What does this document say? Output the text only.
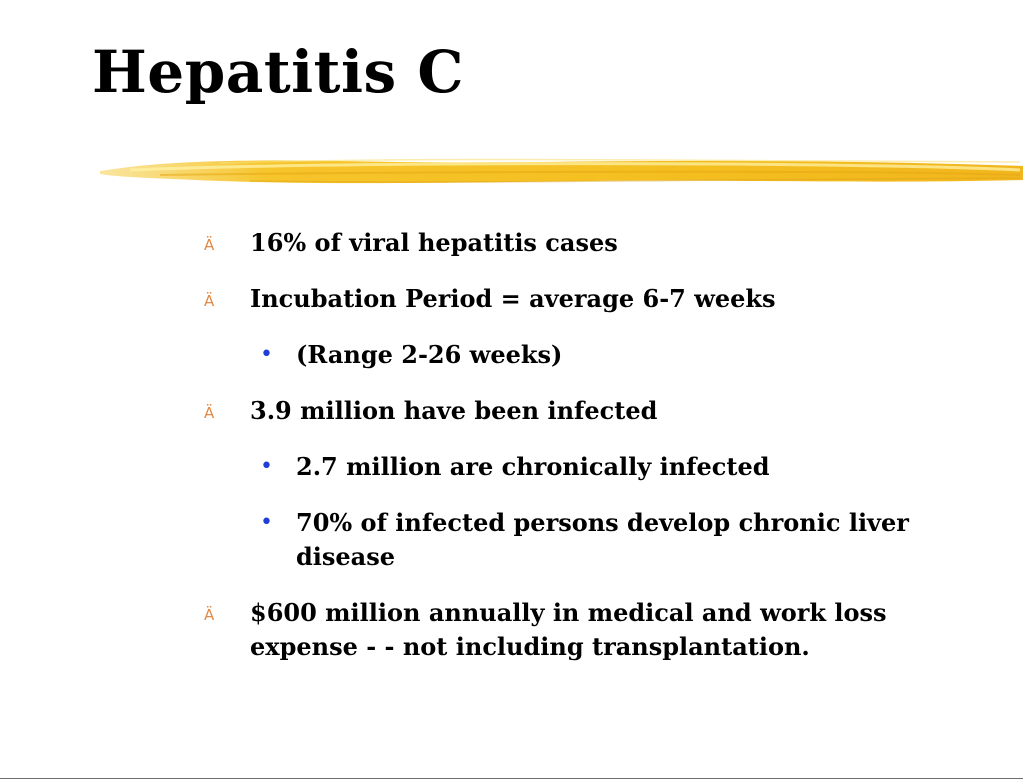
Hepatitis C
Ä	16% of viral hepatitis cases
Ä	Incubation Period = average 6-7 weeks
• (Range 2-26 weeks)
Ä	3.9 million have been infected
• 2.7 million are chronically infected
• 70% of infected persons develop chronic liver disease
Ä	$600 million annually in medical and work loss expense - - not including transplantation.
